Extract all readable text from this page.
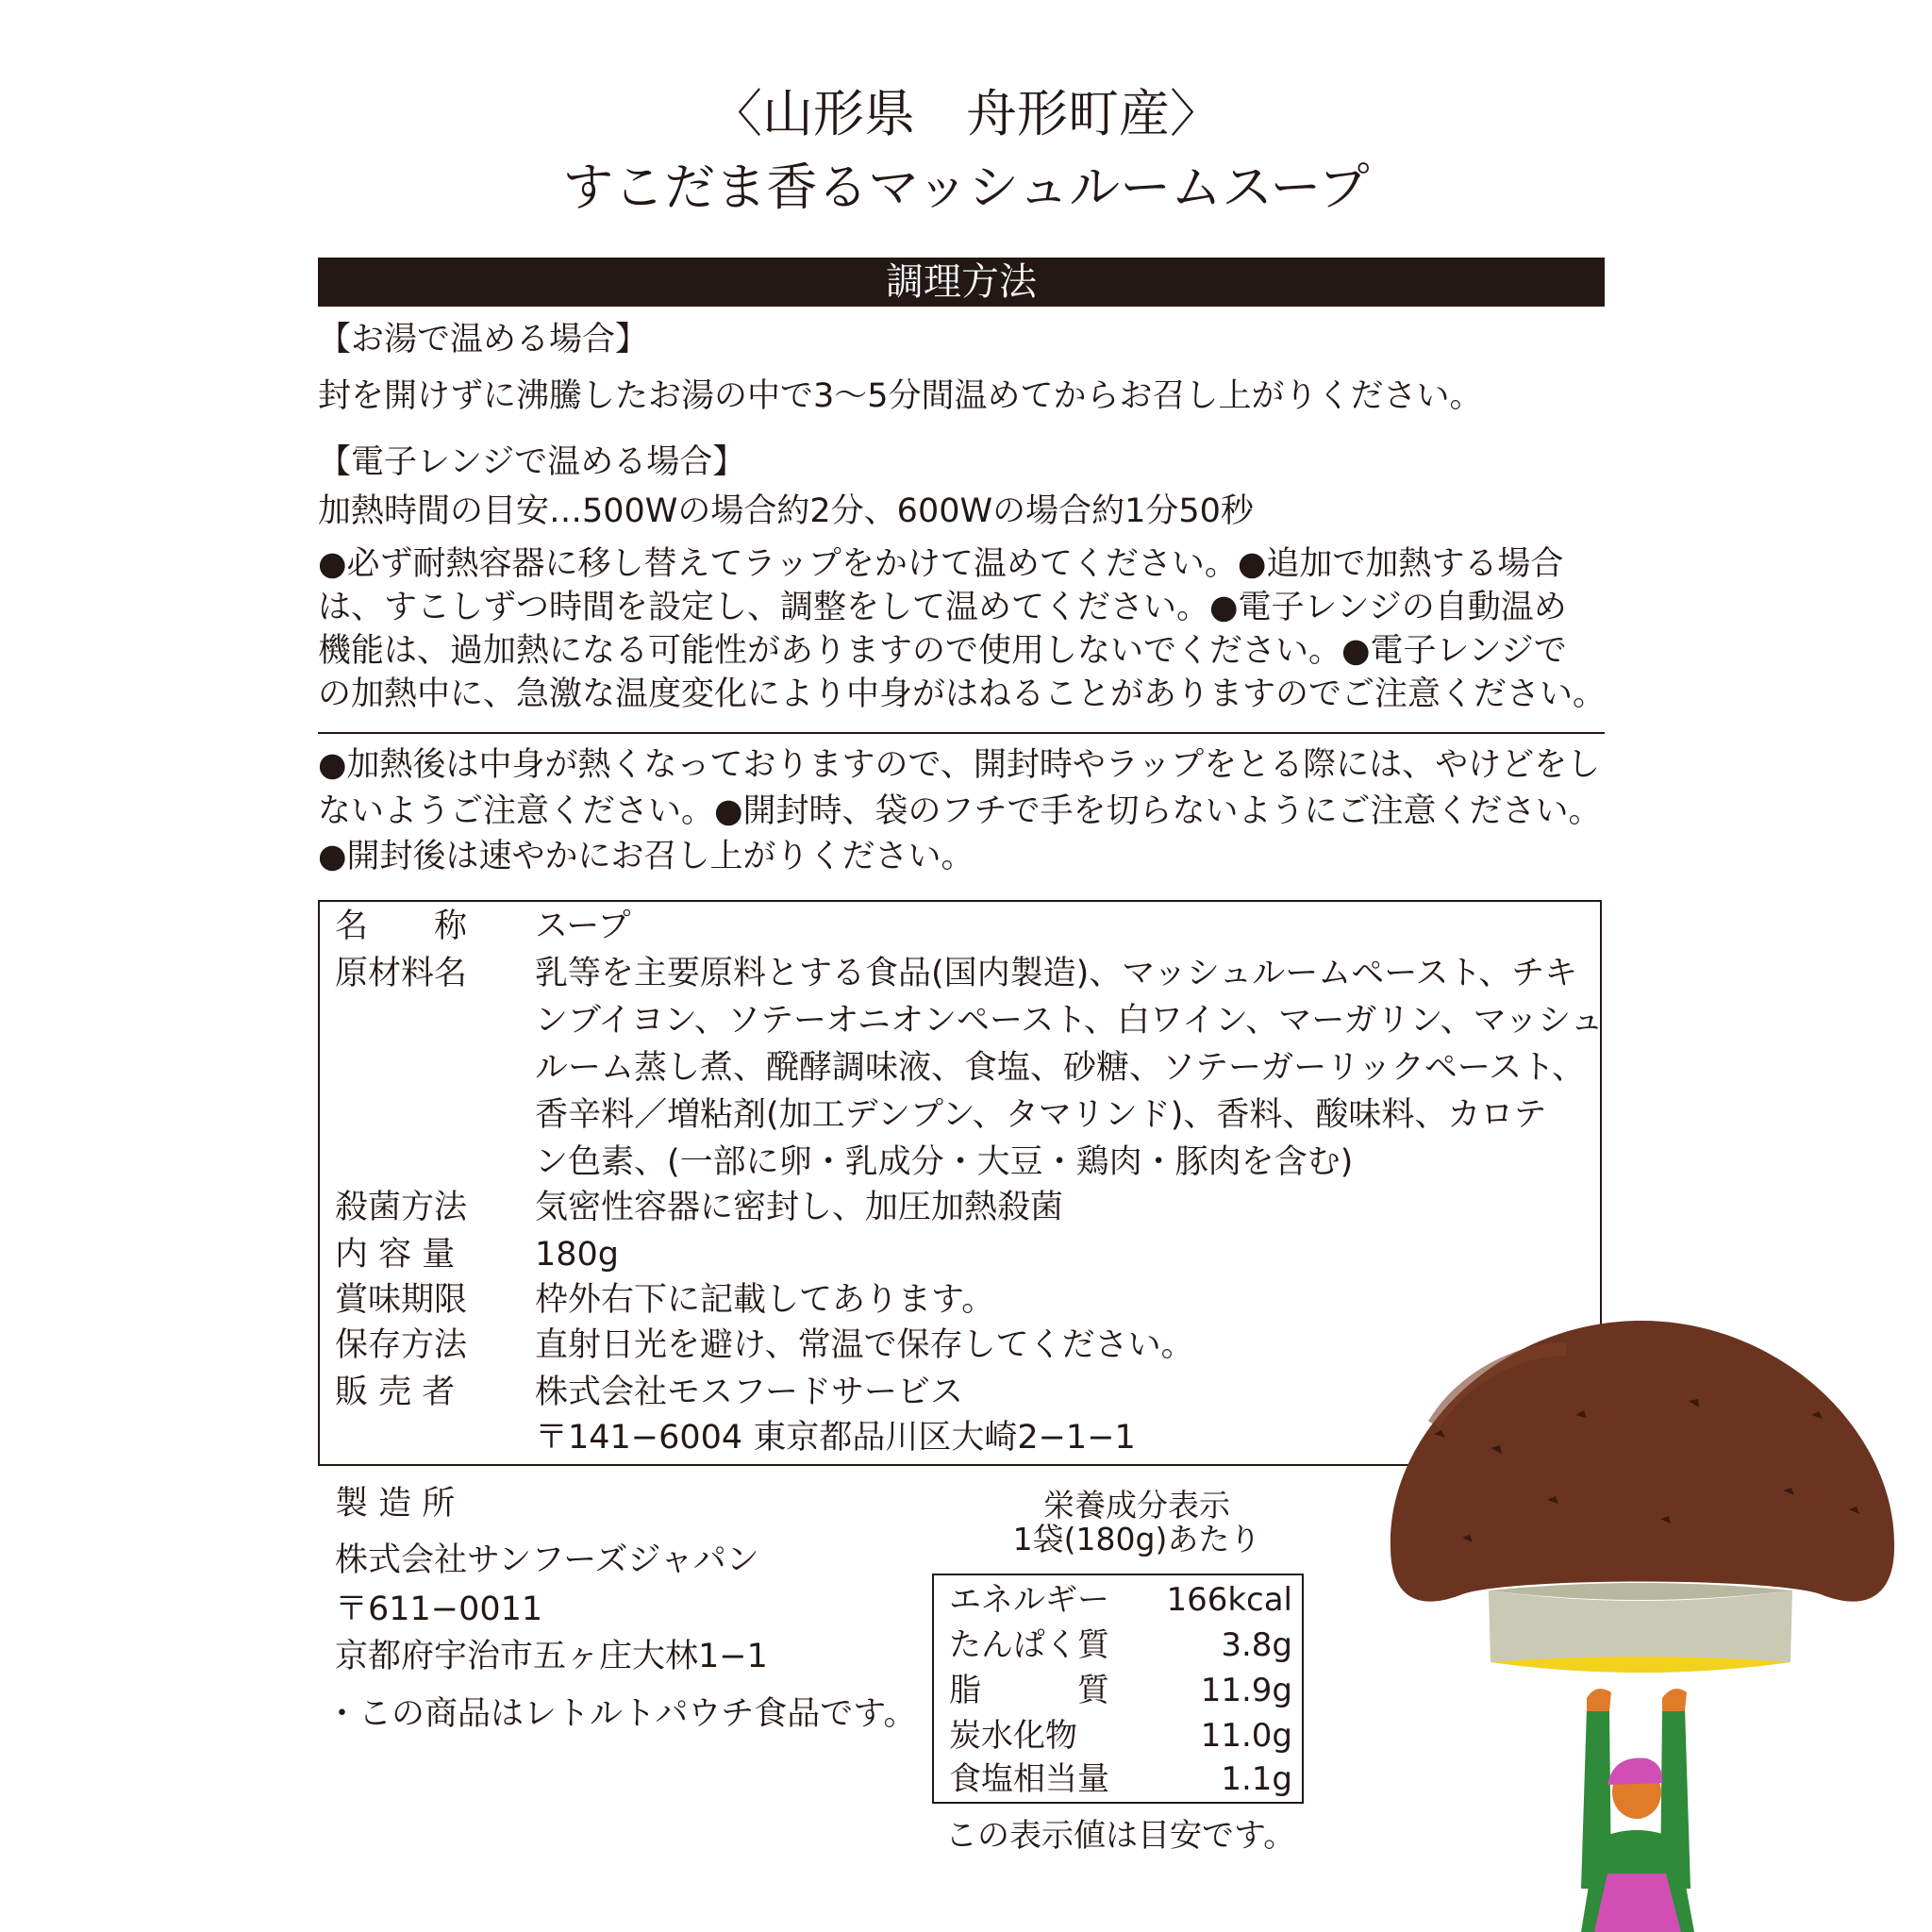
〈山形県　舟形町産〉
すこだま香るマッシュルームスープ
調理方法
【お湯で温める場合】
封を開けずに沸騰したお湯の中で3～5分間温めてからお召し上がりください。
【電子レンジで温める場合】
加熱時間の目安…500Wの場合約2分、600Wの場合約1分50秒
●必ず耐熱容器に移し替えてラップをかけて温めてください。●追加で加熱する場合
は、すこしずつ時間を設定し、調整をして温めてください。●電子レンジの自動温め
機能は、過加熱になる可能性がありますので使用しないでください。●電子レンジで
の加熱中に、急激な温度変化により中身がはねることがありますのでご注意ください。
●加熱後は中身が熱くなっておりますので、開封時やラップをとる際には、やけどをし
ないようご注意ください。●開封時、袋のフチで手を切らないようにご注意ください。
●開封後は速やかにお召し上がりください。
名　　称 スープ
原材料名 乳等を主要原料とする食品(国内製造)、マッシュルームペースト、チキ
ンブイヨン、ソテーオニオンペースト、白ワイン、マーガリン、マッシュ
ルーム蒸し煮、醗酵調味液、食塩、砂糖、ソテーガーリックペースト、
香辛料／増粘剤(加工デンプン、タマリンド)、香料、酸味料、カロテ
ン色素、(一部に卵・乳成分・大豆・鶏肉・豚肉を含む)
殺菌方法 気密性容器に密封し、加圧加熱殺菌
内 容 量 180g
賞味期限 枠外右下に記載してあります。
保存方法 直射日光を避け、常温で保存してください。
販 売 者 株式会社モスフードサービス
〒141−6004 東京都品川区大崎2−1−1
製 造 所
株式会社サンフーズジャパン
〒611−0011
京都府宇治市五ヶ庄大林1−1
・この商品はレトルトパウチ食品です。
栄養成分表示
1袋(180g)あたり
エネルギー	166kcal
たんぱく質	3.8g
脂　　　質	11.9g
炭水化物	11.0g
食塩相当量	1.1g
この表示値は目安です。
